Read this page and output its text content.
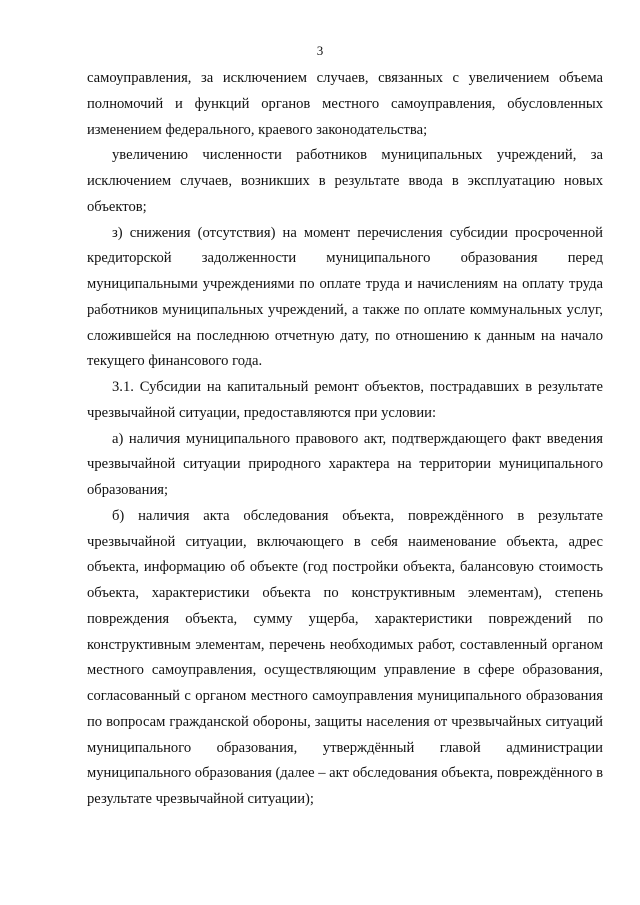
3

самоуправления, за исключением случаев, связанных с увеличением объема полномочий и функций органов местного самоуправления, обусловленных изменением федерального, краевого законодательства;

увеличению численности работников муниципальных учреждений, за исключением случаев, возникших в результате ввода в эксплуатацию новых объектов;

з) снижения (отсутствия) на момент перечисления субсидии просроченной кредиторской задолженности муниципального образования перед муниципальными учреждениями по оплате труда и начислениям на оплату труда работников муниципальных учреждений, а также по оплате коммунальных услуг, сложившейся на последнюю отчетную дату, по отношению к данным на начало текущего финансового года.

3.1. Субсидии на капитальный ремонт объектов, пострадавших в результате чрезвычайной ситуации, предоставляются при условии:

а) наличия муниципального правового акт, подтверждающего факт введения чрезвычайной ситуации природного характера на территории муниципального образования;

б) наличия акта обследования объекта, повреждённого в результате чрезвычайной ситуации, включающего в себя наименование объекта, адрес объекта, информацию об объекте (год постройки объекта, балансовую стоимость объекта, характеристики объекта по конструктивным элементам), степень повреждения объекта, сумму ущерба, характеристики повреждений по конструктивным элементам, перечень необходимых работ, составленный органом местного самоуправления, осуществляющим управление в сфере образования, согласованный с органом местного самоуправления муниципального образования по вопросам гражданской обороны, защиты населения от чрезвычайных ситуаций муниципального образования, утверждённый главой администрации муниципального образования (далее – акт обследования объекта, повреждённого в результате чрезвычайной ситуации);
